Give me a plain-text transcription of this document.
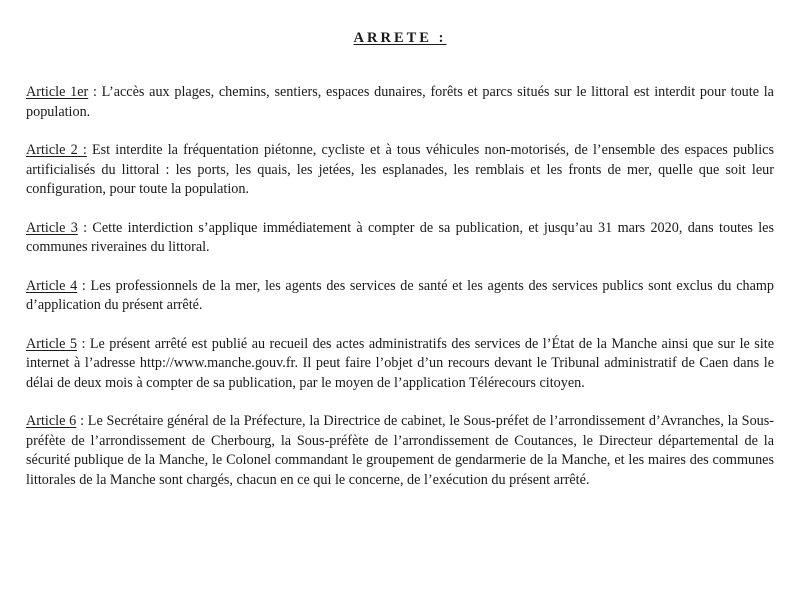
ARRETE :

Article 1er : L’accès aux plages, chemins, sentiers, espaces dunaires, forêts et parcs situés sur le littoral est interdit pour toute la population.

Article 2 : Est interdite la fréquentation piétonne, cycliste et à tous véhicules non-motorisés, de l’ensemble des espaces publics artificialisés du littoral : les ports, les quais, les jetées, les esplanades, les remblais et les fronts de mer, quelle que soit leur configuration, pour toute la population.

Article 3 : Cette interdiction s’applique immédiatement à compter de sa publication, et jusqu’au 31 mars 2020, dans toutes les communes riveraines du littoral.

Article 4 : Les professionnels de la mer, les agents des services de santé et les agents des services publics sont exclus du champ d’application du présent arrêté.

Article 5 : Le présent arrêté est publié au recueil des actes administratifs des services de l’État de la Manche ainsi que sur le site internet à l’adresse http://www.manche.gouv.fr. Il peut faire l’objet d’un recours devant le Tribunal administratif de Caen dans le délai de deux mois à compter de sa publication, par le moyen de l’application Télérecours citoyen.

Article 6 : Le Secrétaire général de la Préfecture, la Directrice de cabinet, le Sous-préfet de l’arrondissement d’Avranches, la Sous-préfète de l’arrondissement de Cherbourg, la Sous-préfète de l’arrondissement de Coutances, le Directeur départemental de la sécurité publique de la Manche, le Colonel commandant le groupement de gendarmerie de la Manche, et les maires des communes littorales de la Manche sont chargés, chacun en ce qui le concerne, de l’exécution du présent arrêté.
